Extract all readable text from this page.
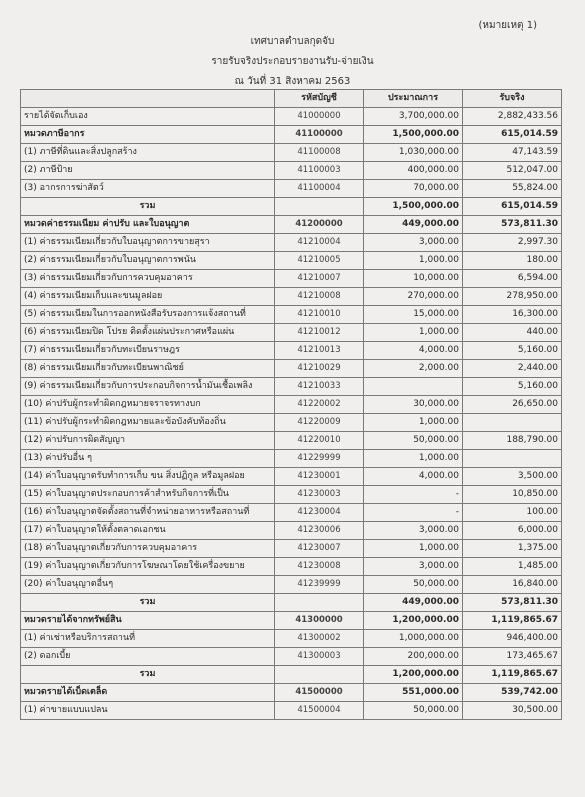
(หมายเหตุ 1)
เทศบาลตำบลกุดจับ
รายรับจริงประกอบรายงานรับ-จ่ายเงิน
ณ วันที่ 31 สิงหาคม 2563
	รหัสบัญชี	ประมาณการ	รับจริง
รายได้จัดเก็บเอง	41000000	3,700,000.00	2,882,433.56
หมวดภาษีอากร	41100000	1,500,000.00	615,014.59
(1) ภาษีที่ดินและสิ่งปลูกสร้าง	41100008	1,030,000.00	47,143.59
(2) ภาษีป้าย	41100003	400,000.00	512,047.00
(3) อากรการฆ่าสัตว์	41100004	70,000.00	55,824.00
รวม		1,500,000.00	615,014.59
หมวดค่าธรรมเนียม ค่าปรับ และใบอนุญาต	41200000	449,000.00	573,811.30
(1) ค่าธรรมเนียมเกี่ยวกับใบอนุญาตการขายสุรา	41210004	3,000.00	2,997.30
(2) ค่าธรรมเนียมเกี่ยวกับใบอนุญาตการพนัน	41210005	1,000.00	180.00
(3) ค่าธรรมเนียมเกี่ยวกับการควบคุมอาคาร	41210007	10,000.00	6,594.00
(4) ค่าธรรมเนียมเก็บและขนมูลฝอย	41210008	270,000.00	278,950.00
(5) ค่าธรรมเนียมในการออกหนังสือรับรองการแจ้งสถานที่	41210010	15,000.00	16,300.00
(6) ค่าธรรมเนียมปิด โปรย ติดตั้งแผ่นประกาศหรือแผ่น	41210012	1,000.00	440.00
(7) ค่าธรรมเนียมเกี่ยวกับทะเบียนราษฎร	41210013	4,000.00	5,160.00
(8) ค่าธรรมเนียมเกี่ยวกับทะเบียนพาณิชย์	41210029	2,000.00	2,440.00
(9) ค่าธรรมเนียมเกี่ยวกับการประกอบกิจการน้ำมันเชื้อเพลิง	41210033		5,160.00
(10) ค่าปรับผู้กระทำผิดกฎหมายจราจรทางบก	41220002	30,000.00	26,650.00
(11) ค่าปรับผู้กระทำผิดกฎหมายและข้อบังคับท้องถิ่น	41220009	1,000.00	
(12) ค่าปรับการผิดสัญญา	41220010	50,000.00	188,790.00
(13) ค่าปรับอื่น ๆ	41229999	1,000.00	
(14) ค่าใบอนุญาตรับทำการเก็บ ขน สิ่งปฏิกูล หรือมูลฝอย	41230001	4,000.00	3,500.00
(15) ค่าใบอนุญาตประกอบการค้าสำหรับกิจการที่เป็น	41230003	-	10,850.00
(16) ค่าใบอนุญาตจัดตั้งสถานที่จำหน่ายอาหารหรือสถานที่	41230004	-	100.00
(17) ค่าใบอนุญาตให้ตั้งตลาดเอกชน	41230006	3,000.00	6,000.00
(18) ค่าใบอนุญาตเกี่ยวกับการควบคุมอาคาร	41230007	1,000.00	1,375.00
(19) ค่าใบอนุญาตเกี่ยวกับการโฆษณาโดยใช้เครื่องขยาย	41230008	3,000.00	1,485.00
(20) ค่าใบอนุญาตอื่นๆ	41239999	50,000.00	16,840.00
รวม		449,000.00	573,811.30
หมวดรายได้จากทรัพย์สิน	41300000	1,200,000.00	1,119,865.67
(1) ค่าเช่าหรือบริการสถานที่	41300002	1,000,000.00	946,400.00
(2) ดอกเบี้ย	41300003	200,000.00	173,465.67
รวม		1,200,000.00	1,119,865.67
หมวดรายได้เบ็ดเตล็ด	41500000	551,000.00	539,742.00
(1) ค่าขายแบบแปลน	41500004	50,000.00	30,500.00
